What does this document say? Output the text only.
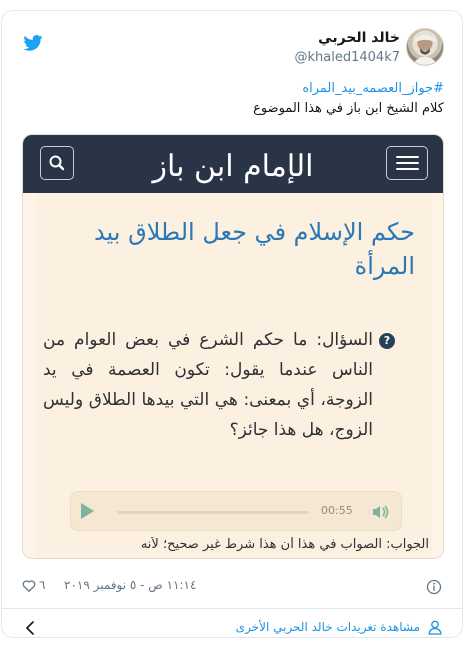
خالد الحربي
@khaled1404k7
#جواز_العصمه_بيد_المراه
كلام الشيخ ابن باز في هذا الموضوع
الإمام ابن باز
حكم الإسلام في جعل الطلاق بيد المرأة
?
السؤال: ما حكم الشرع في بعض العوام من الناس عندما يقول: تكون العصمة في يد الزوجة، أي بمعنى: هي التي بيدها الطلاق وليس الزوج، هل هذا جائز؟
00:55
الجواب: الصواب في هذا أن هذا شرط غير صحيح؛ لأنه
٦ ١١:١٤ ص - ٥ نوفمبر ٢٠١٩
مشاهدة تغريدات خالد الحربي الأخرى
